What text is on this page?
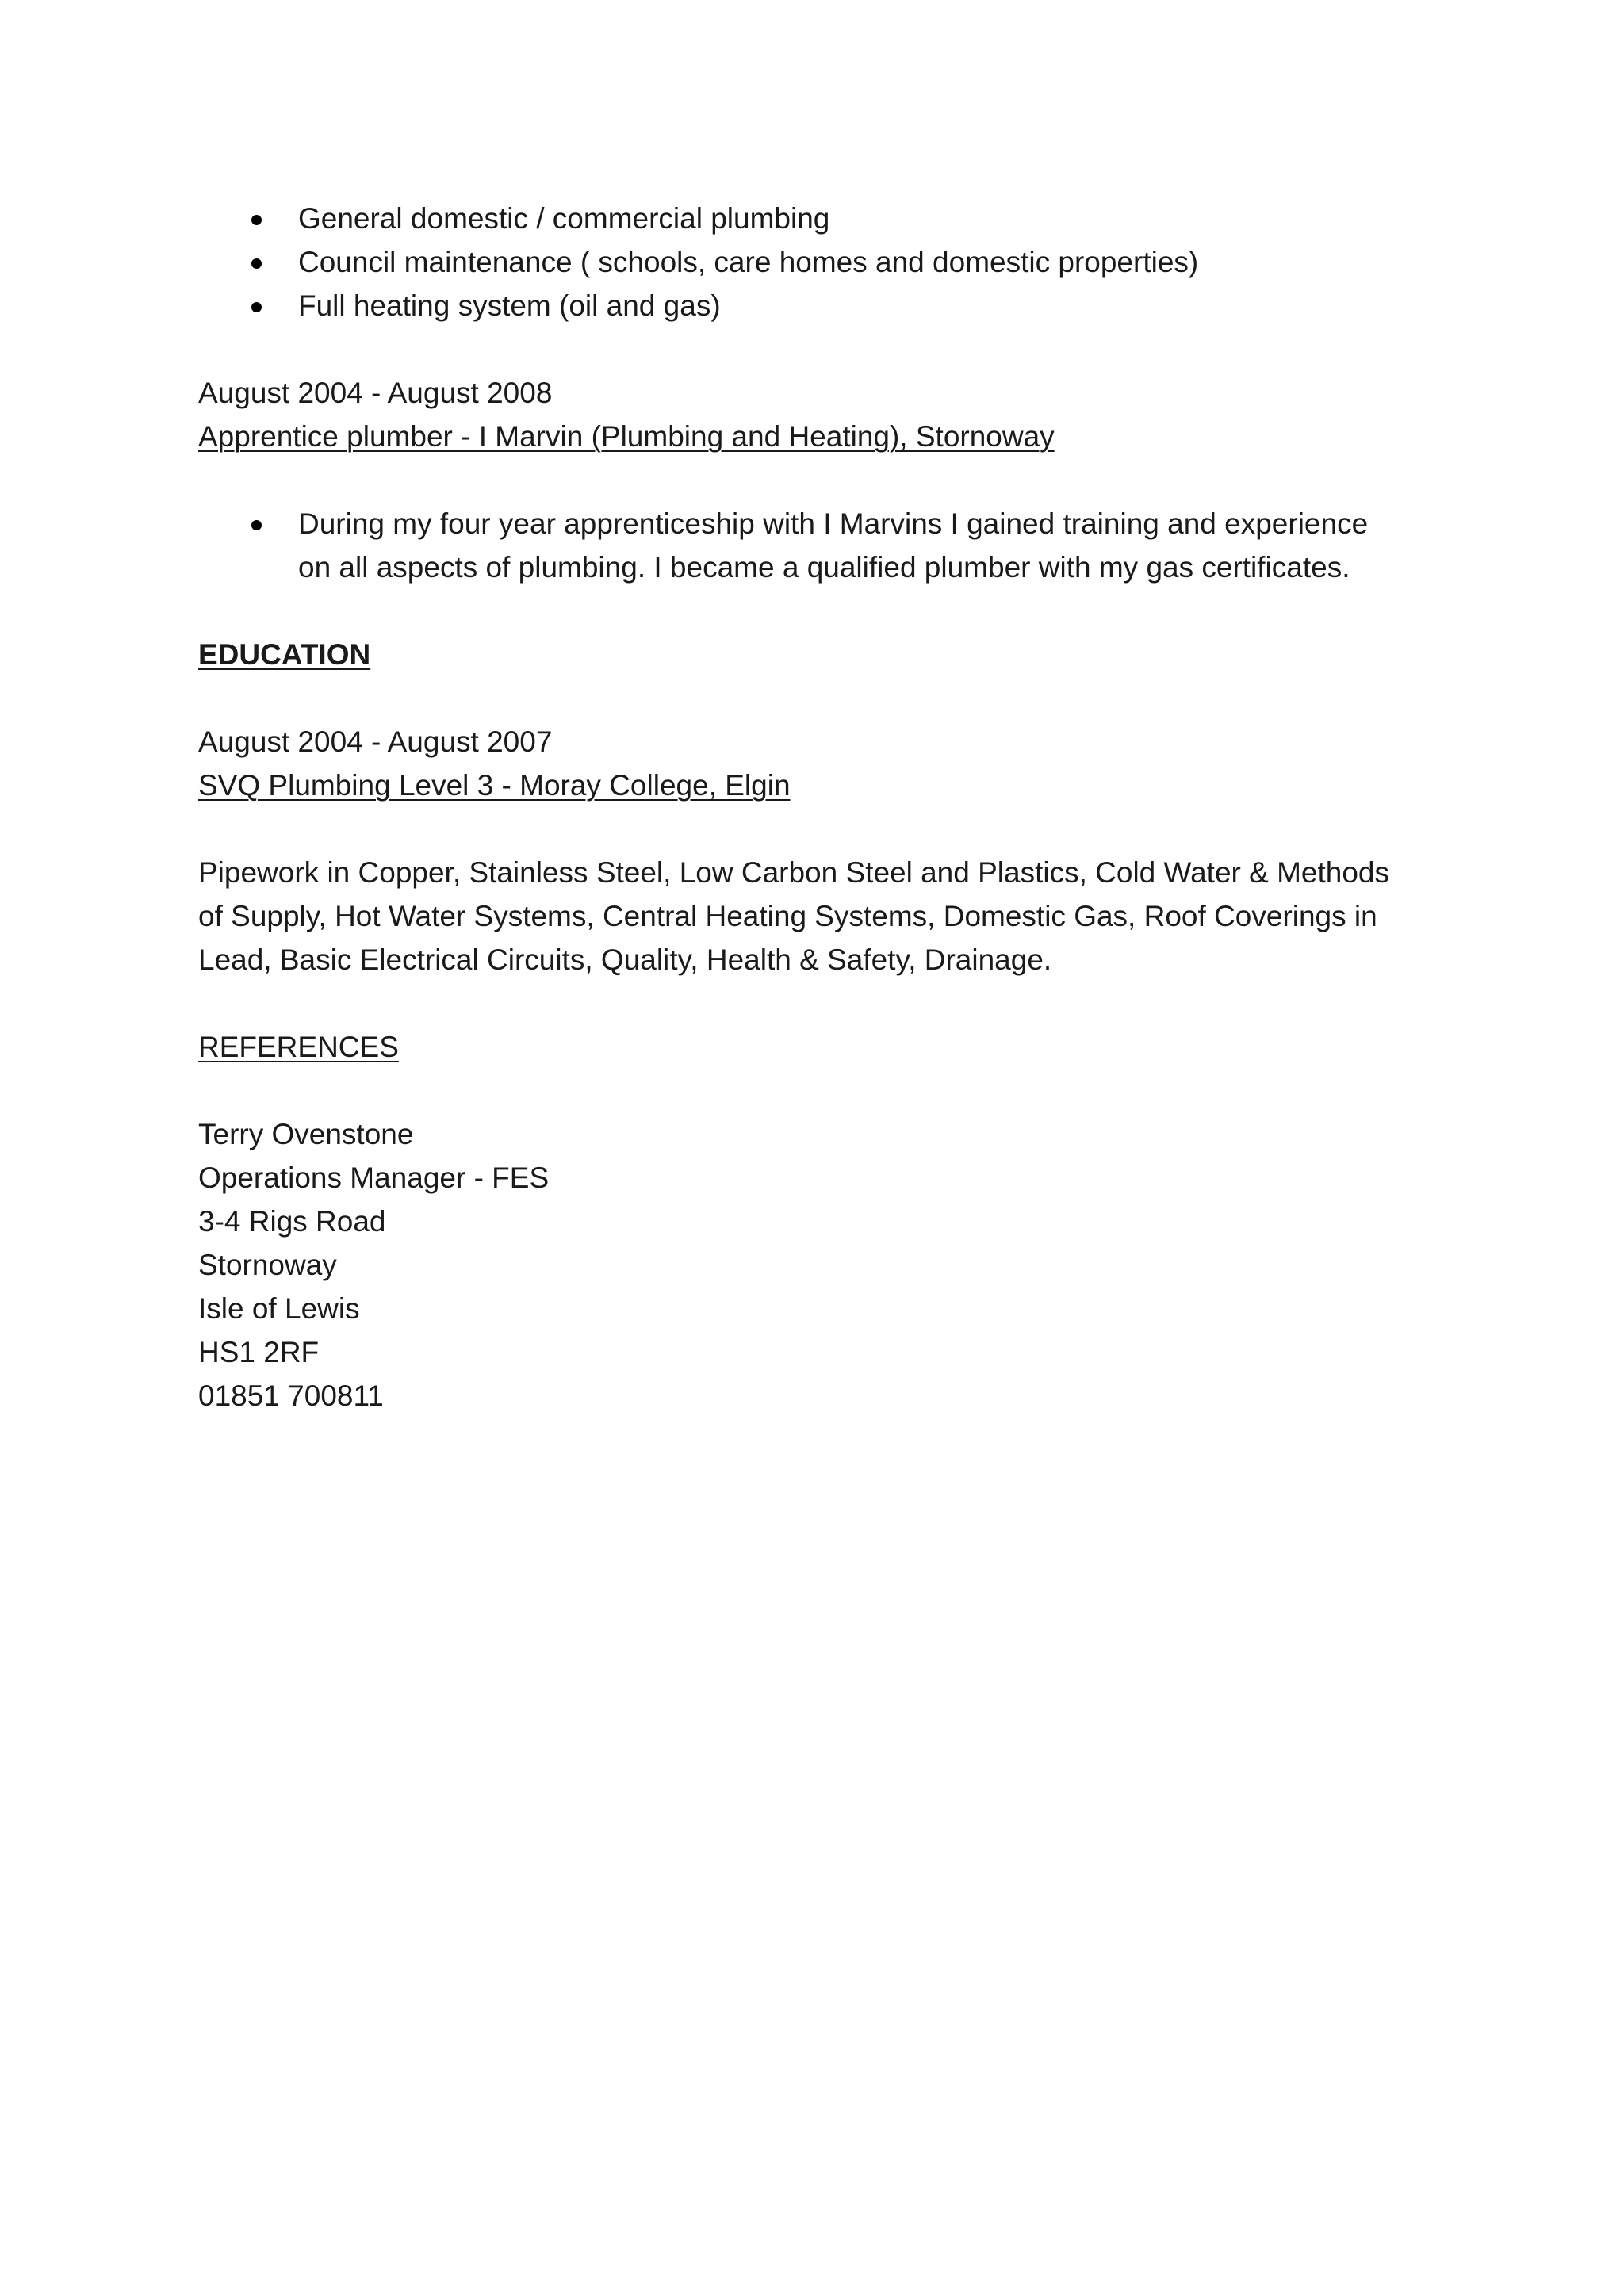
General domestic / commercial plumbing
Council maintenance ( schools, care homes and domestic properties)
Full heating system (oil and gas)
August 2004 - August 2008
Apprentice plumber - I Marvin (Plumbing and Heating), Stornoway
During my four year apprenticeship with I Marvins I gained training and experience
on all aspects of plumbing. I became a qualified plumber with my gas certificates.
EDUCATION
August 2004 - August 2007
SVQ Plumbing Level 3 - Moray College, Elgin
Pipework in Copper, Stainless Steel, Low Carbon Steel and Plastics, Cold Water & Methods
of Supply, Hot Water Systems, Central Heating Systems, Domestic Gas, Roof Coverings in
Lead, Basic Electrical Circuits, Quality, Health & Safety, Drainage.
REFERENCES
Terry Ovenstone
Operations Manager - FES
3-4 Rigs Road
Stornoway
Isle of Lewis
HS1 2RF
01851 700811
